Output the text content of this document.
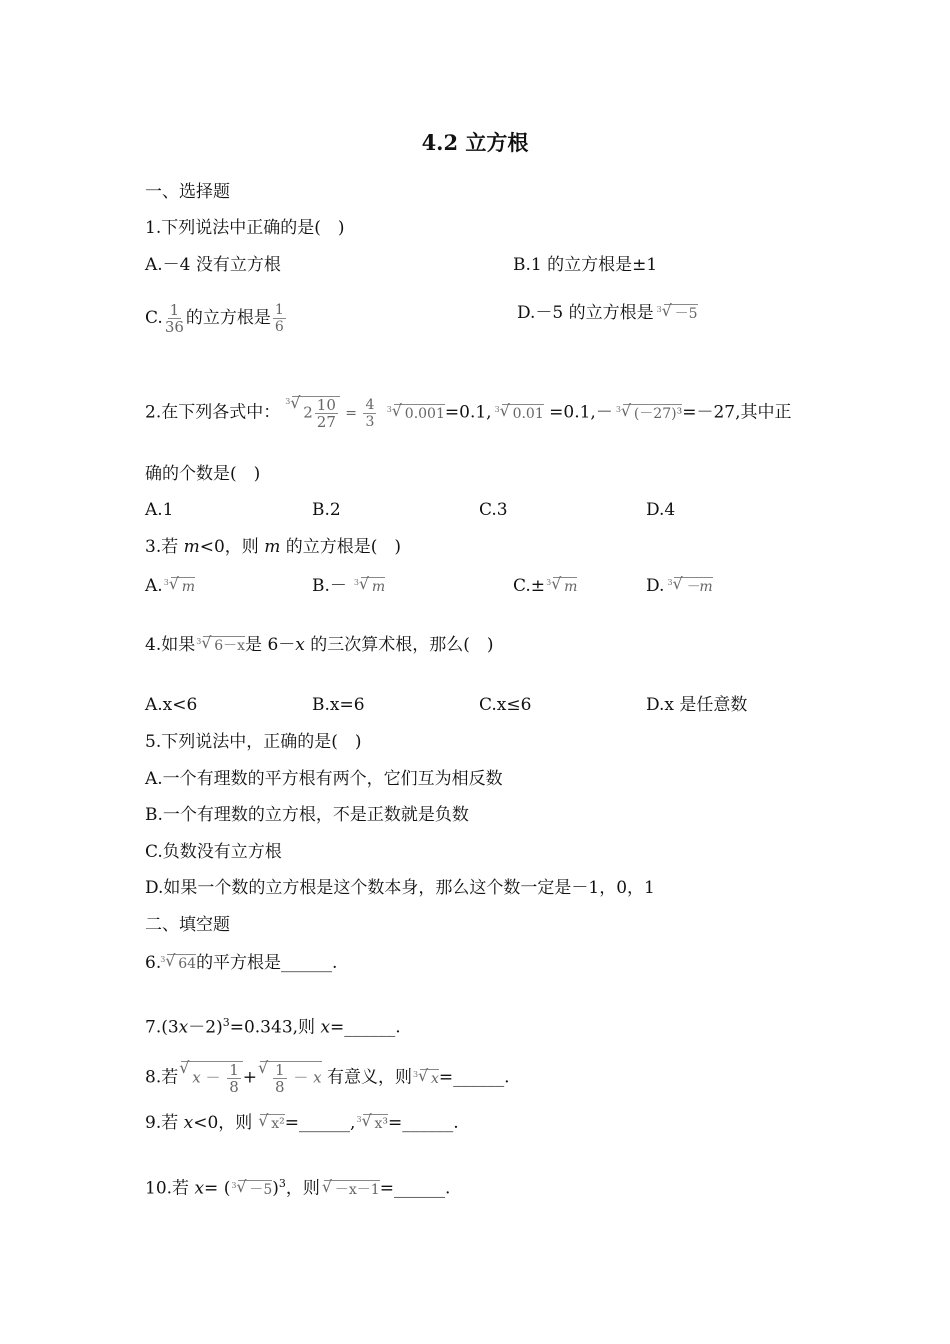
4.2 立方根
一、选择题
1.下列说法中正确的是(　)
A.－4 没有立方根	B.1 的立方根是±1
C. $\frac{1}{36}$ 的立方根是 $\frac{1}{6}$	D.－5 的立方根是 √ 3 －5
2.在下列各式中：
√ 3
$2 \frac{10}{27} = \frac{4}{3}$
√ 3 0.001=0.1, √ 3 0.01 =0.1,－ √ 3 (－27)³=－27,其中正
确的个数是(　)
A.1	B.2	C.3	D.4
3.若 m<0，则 m 的立方根是(　)
A. √ 3 m	B.－ √ 3 m	C.± √ 3 m	D. √ 3 －m
4.如果 √ 3 6－x是 6－x 的三次算术根，那么(　)
A.x<6	B.x=6	C.x≤6	D.x 是任意数
5.下列说法中，正确的是(　)
A.一个有理数的平方根有两个，它们互为相反数
B.一个有理数的立方根，不是正数就是负数
C.负数没有立方根
D.如果一个数的立方根是这个数本身，那么这个数一定是－1，0，1
二、填空题
6. √ 3 64的平方根是______.
$7.(3x-2)^3=0.343$,则 x=______.
8.若 √ $x - \frac{1}{8}$ + √ $\frac{1}{8} - x$ 有意义，则 √ 3 x=______.
9.若 x<0，则 √ x²=______, √ 3 x³=______.
10.若 x= ( √ 3 －5)$^3$，则 √ －x－1=______.
